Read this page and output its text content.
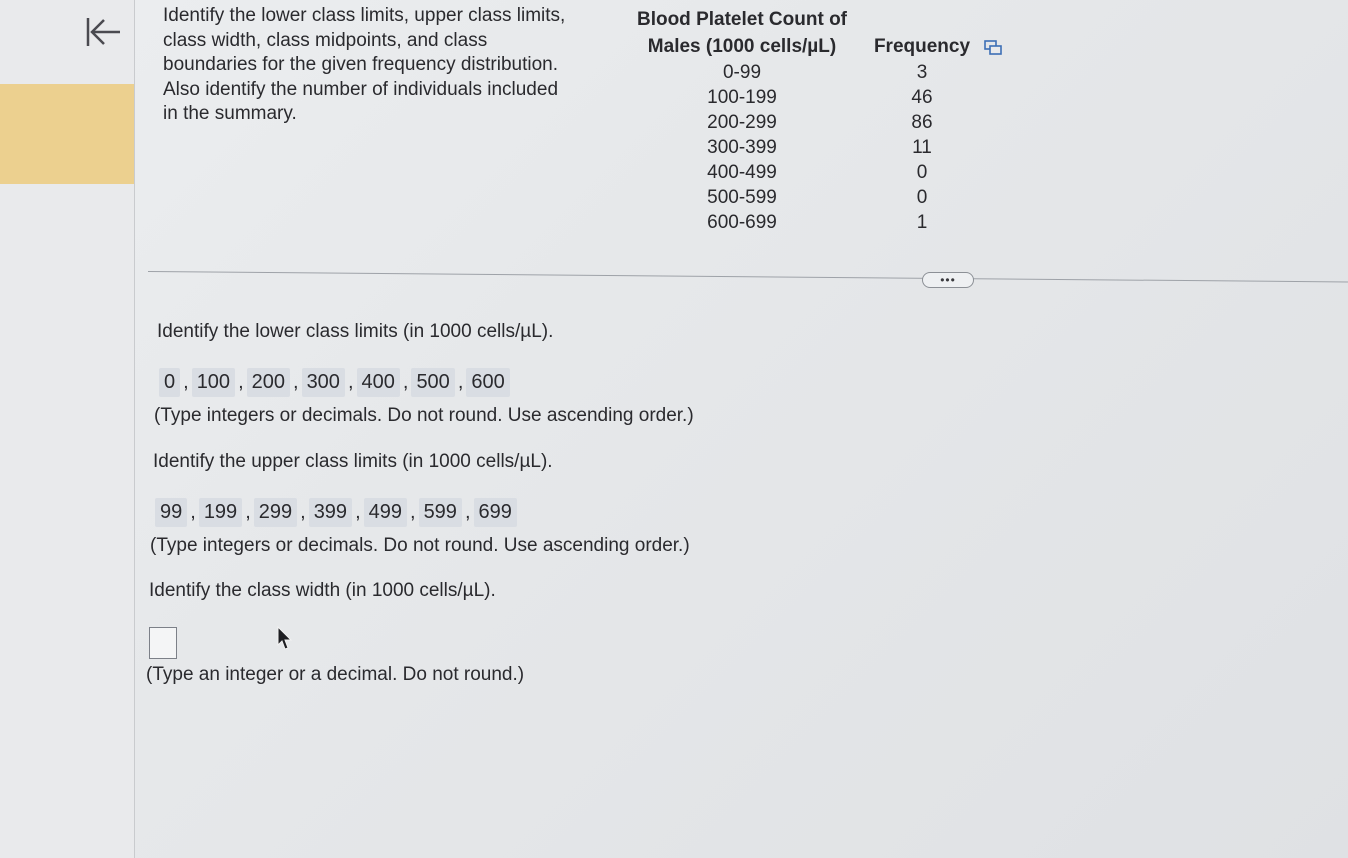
Identify the lower class limits, upper class limits,
class width, class midpoints, and class
boundaries for the given frequency distribution.
Also identify the number of individuals included
in the summary.
Blood Platelet Count of
Males (1000 cells/µL)	Frequency
0-99	3
100-199	46
200-299	86
300-399	11
400-499	0
500-599	0
600-699	1
•••
Identify the lower class limits (in 1000 cells/µL).
0 , 100 , 200 , 300 , 400 , 500 , 600
(Type integers or decimals. Do not round. Use ascending order.)
Identify the upper class limits (in 1000 cells/µL).
99 , 199 , 299 , 399 , 499 , 599 , 699
(Type integers or decimals. Do not round. Use ascending order.)
Identify the class width (in 1000 cells/µL).
(Type an integer or a decimal. Do not round.)
